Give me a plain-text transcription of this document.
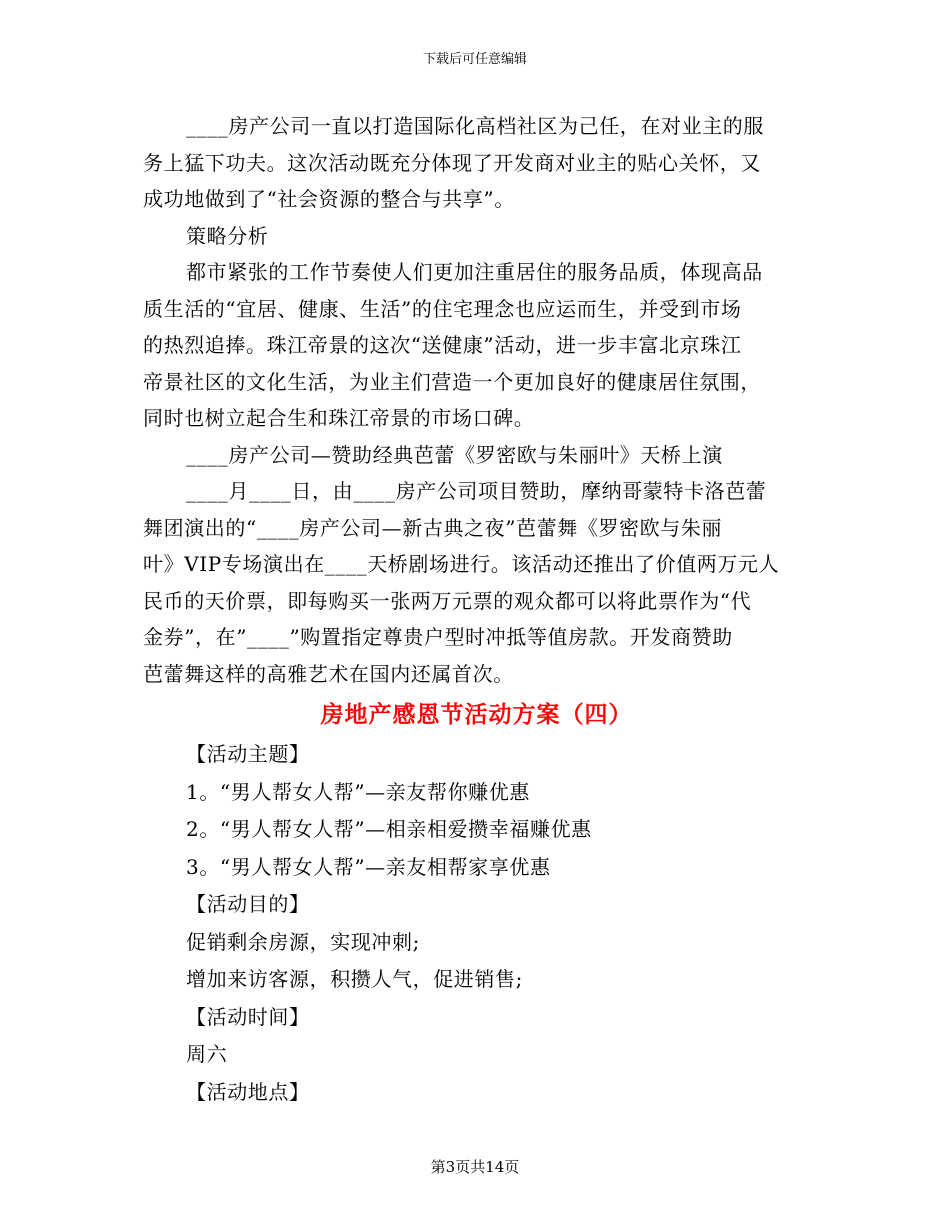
下载后可任意编辑

____房产公司一直以打造国际化高档社区为己任，在对业主的服
务上猛下功夫。这次活动既充分体现了开发商对业主的贴心关怀，又
成功地做到了“社会资源的整合与共享”。

策略分析

都市紧张的工作节奏使人们更加注重居住的服务品质，体现高品
质生活的“宜居、健康、生活”的住宅理念也应运而生，并受到市场
的热烈追捧。珠江帝景的这次“送健康”活动，进一步丰富北京珠江
帝景社区的文化生活，为业主们营造一个更加良好的健康居住氛围，
同时也树立起合生和珠江帝景的市场口碑。

____房产公司—赞助经典芭蕾《罗密欧与朱丽叶》天桥上演

____月____日，由____房产公司项目赞助，摩纳哥蒙特卡洛芭蕾
舞团演出的“____房产公司—新古典之夜”芭蕾舞《罗密欧与朱丽
叶》VIP专场演出在____天桥剧场进行。该活动还推出了价值两万元人
民币的天价票，即每购买一张两万元票的观众都可以将此票作为“代
金券”，在”____”购置指定尊贵户型时冲抵等值房款。开发商赞助
芭蕾舞这样的高雅艺术在国内还属首次。

房地产感恩节活动方案（四）

【活动主题】

1。“男人帮女人帮”—亲友帮你赚优惠

2。“男人帮女人帮”—相亲相爱攒幸福赚优惠

3。“男人帮女人帮”—亲友相帮家享优惠

【活动目的】

促销剩余房源，实现冲刺;

增加来访客源，积攒人气，促进销售;

【活动时间】

周六

【活动地点】

第3页共14页
